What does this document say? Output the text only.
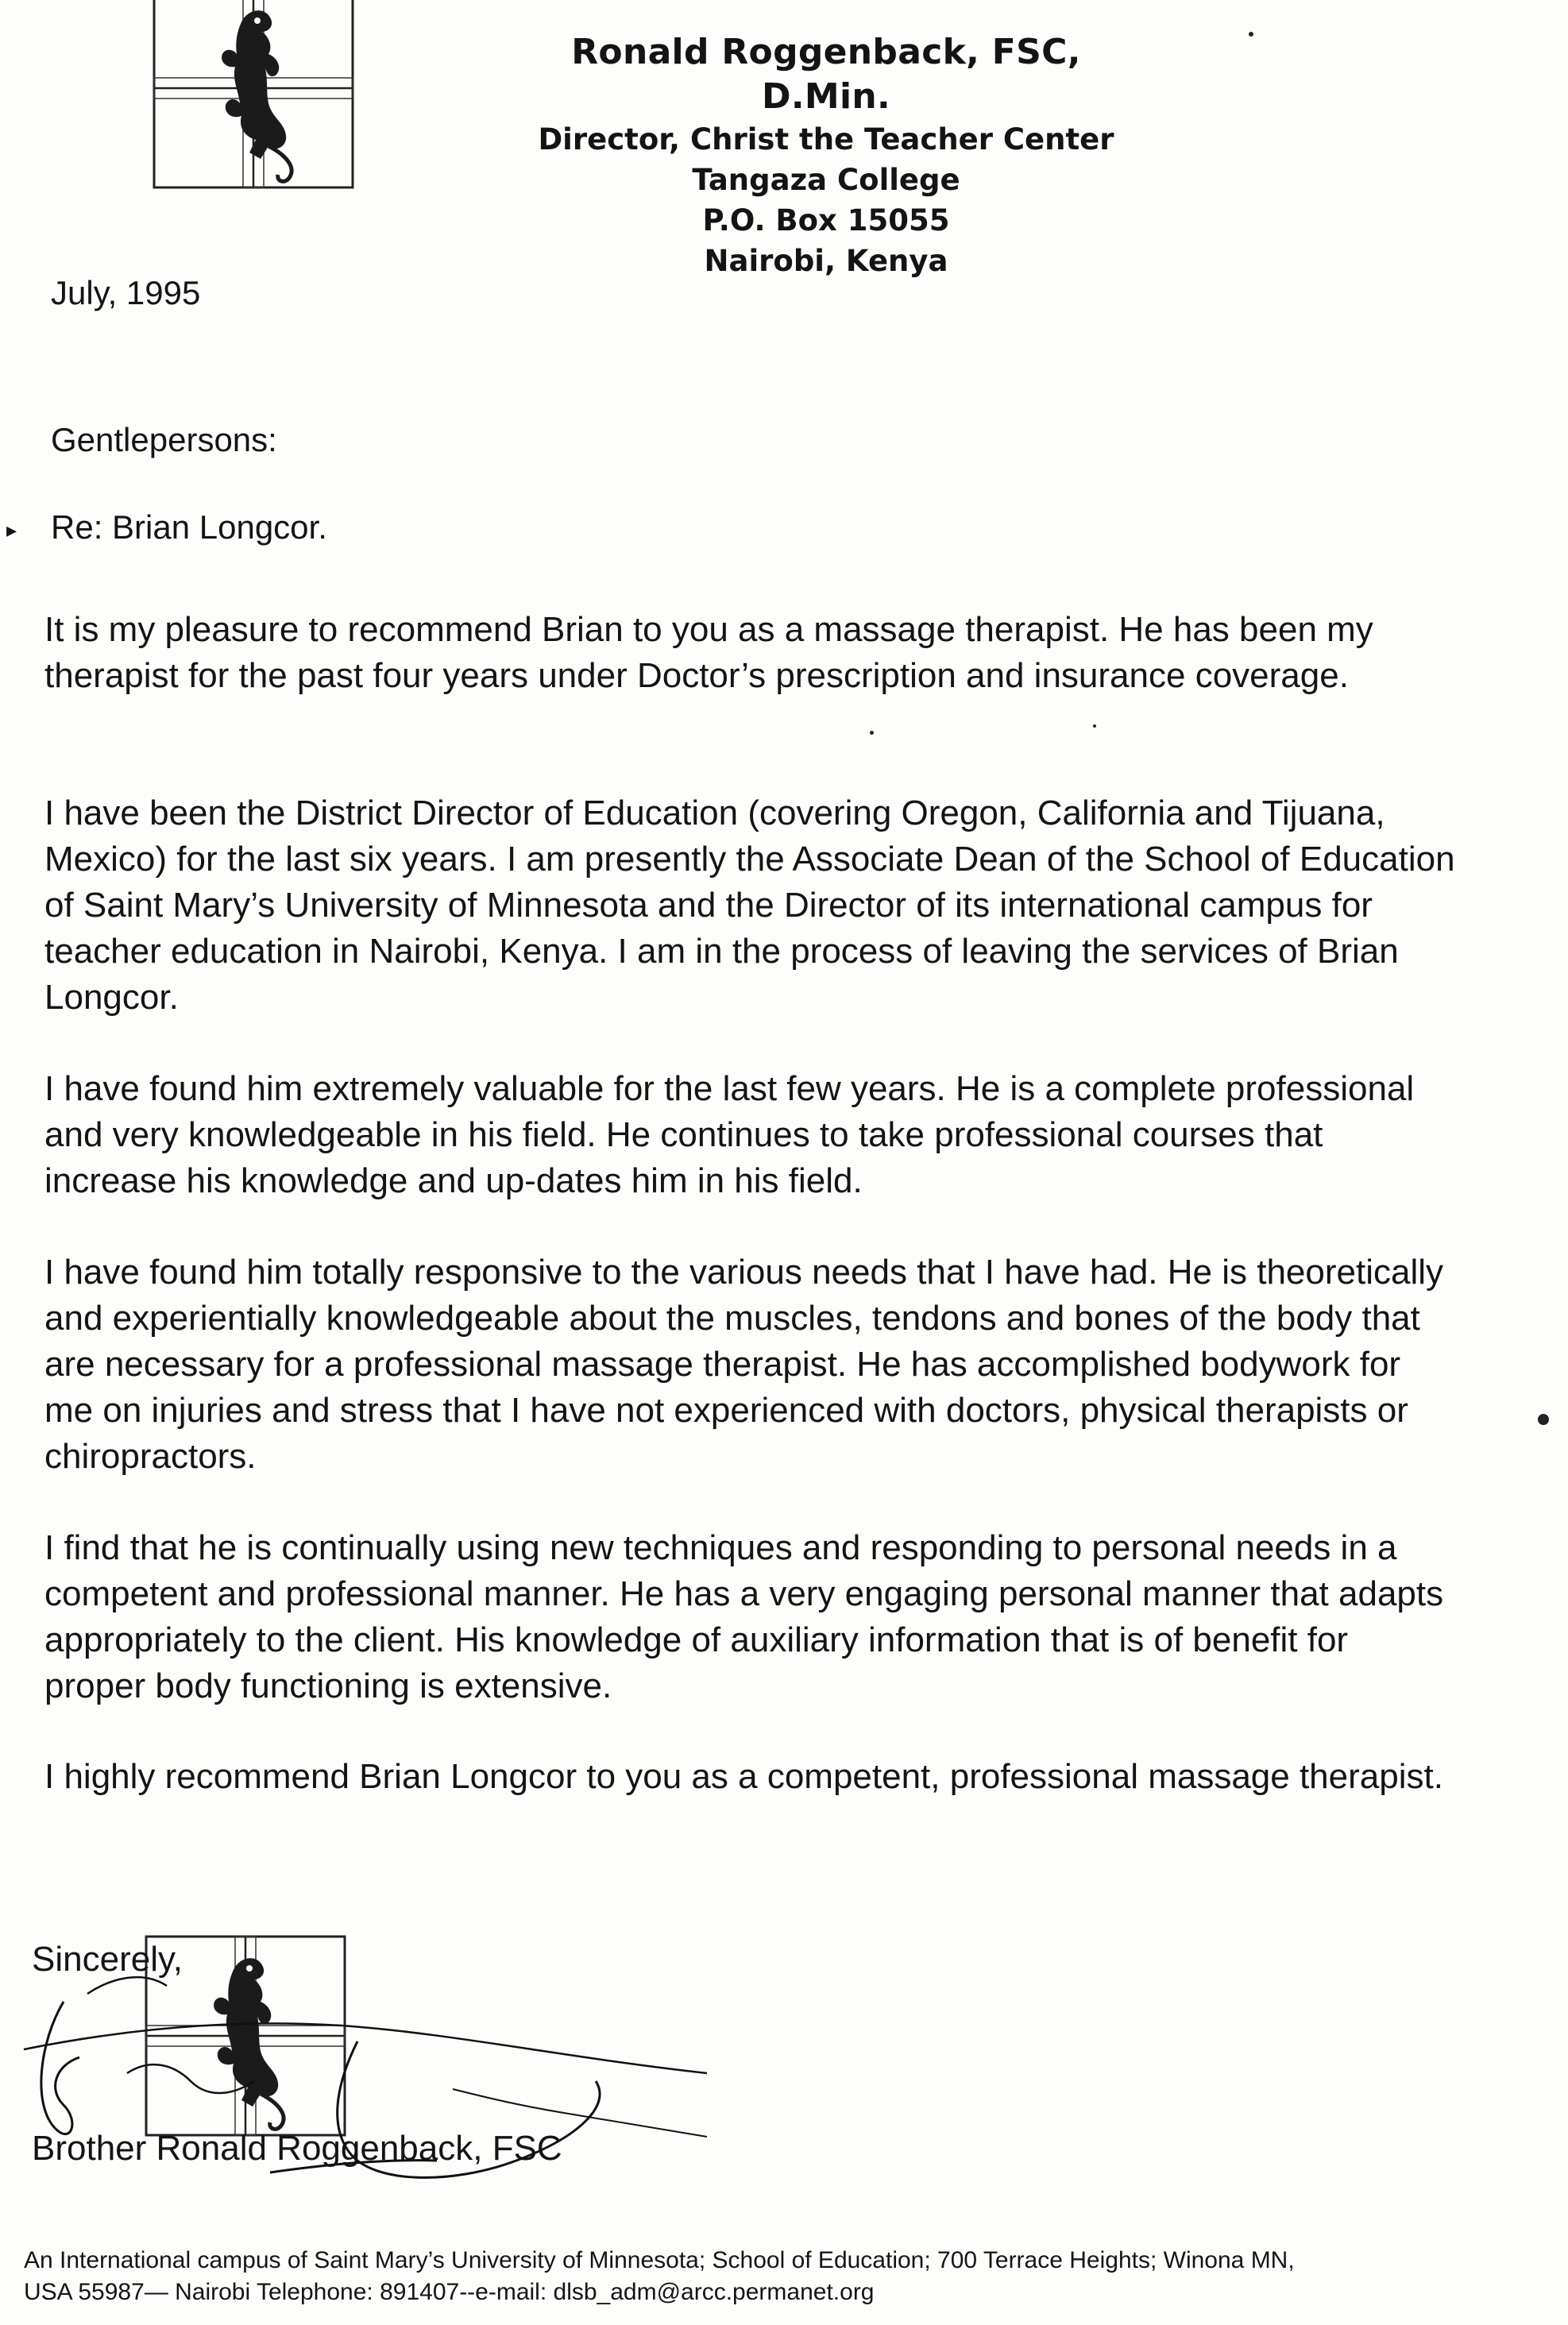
Ronald Roggenback, FSC, D.Min.
Director, Christ the Teacher Center
Tangaza College
P.O. Box 15055
Nairobi, Kenya
July, 1995
Gentlepersons:
▸ Re: Brian Longcor.
It is my pleasure to recommend Brian to you as a massage therapist. He has been my therapist for the past four years under Doctor’s prescription and insurance coverage.
I have been the District Director of Education (covering Oregon, California and Tijuana, Mexico) for the last six years. I am presently the Associate Dean of the School of Education of Saint Mary’s University of Minnesota and the Director of its international campus for teacher education in Nairobi, Kenya. I am in the process of leaving the services of Brian Longcor.
I have found him extremely valuable for the last few years. He is a complete professional and very knowledgeable in his field. He continues to take professional courses that increase his knowledge and up-dates him in his field.
I have found him totally responsive to the various needs that I have had. He is theoretically and experientially knowledgeable about the muscles, tendons and bones of the body that are necessary for a professional massage therapist. He has accomplished bodywork for me on injuries and stress that I have not experienced with doctors, physical therapists or chiropractors.
I find that he is continually using new techniques and responding to personal needs in a competent and professional manner. He has a very engaging personal manner that adapts appropriately to the client. His knowledge of auxiliary information that is of benefit for proper body functioning is extensive.
I highly recommend Brian Longcor to you as a competent, professional massage therapist.
Sincerely,
Brother Ronald Roggenback, FSC
An International campus of Saint Mary’s University of Minnesota; School of Education; 700 Terrace Heights; Winona MN,
USA 55987— Nairobi Telephone: 891407--e-mail: dlsb_adm@arcc.permanet.org
